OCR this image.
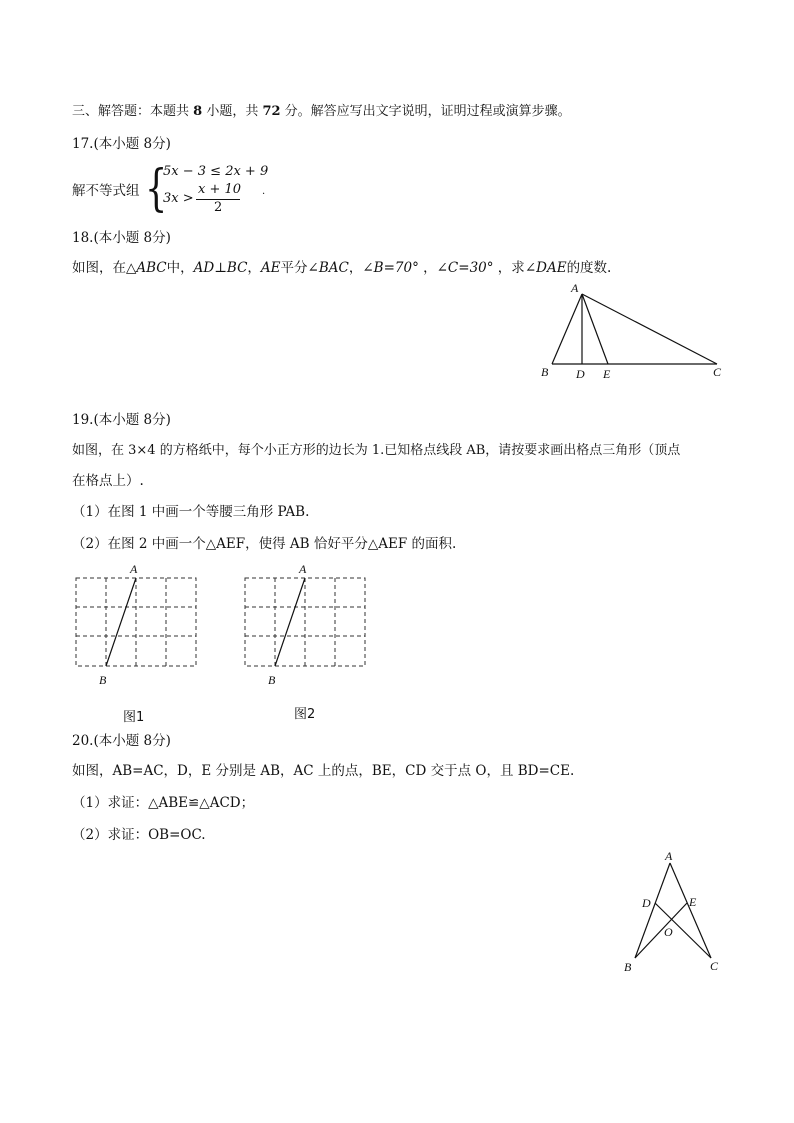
三、解答题：本题共 8 小题，共 72 分。解答应写出文字说明，证明过程或演算步骤。
17.(本小题 8分)
解不等式组 {
5x − 3 ≤ 2x + 9
3x >
x + 10
2
.
18.(本小题 8分)
如图，在△ABC中，AD⊥BC，AE平分∠BAC，∠B=70° ，∠C=30° ，求∠DAE的度数.
A
B D E	C
19.(本小题 8分)
如图，在 3×4 的方格纸中，每个小正方形的边长为 1.已知格点线段 AB，请按要求画出格点三角形（顶点
在格点上）.
（1）在图 1 中画一个等腰三角形 PAB.
（2）在图 2 中画一个△AEF，使得 AB 恰好平分△AEF 的面积.
A
B
图1
A
B
图2
20.(本小题 8分)
如图，AB=AC，D，E 分别是 AB，AC 上的点，BE，CD 交于点 O，且 BD=CE.
（1）求证：△ABE≌△ACD；
（2）求证：OB=OC.
A
D	E
O
B	C
